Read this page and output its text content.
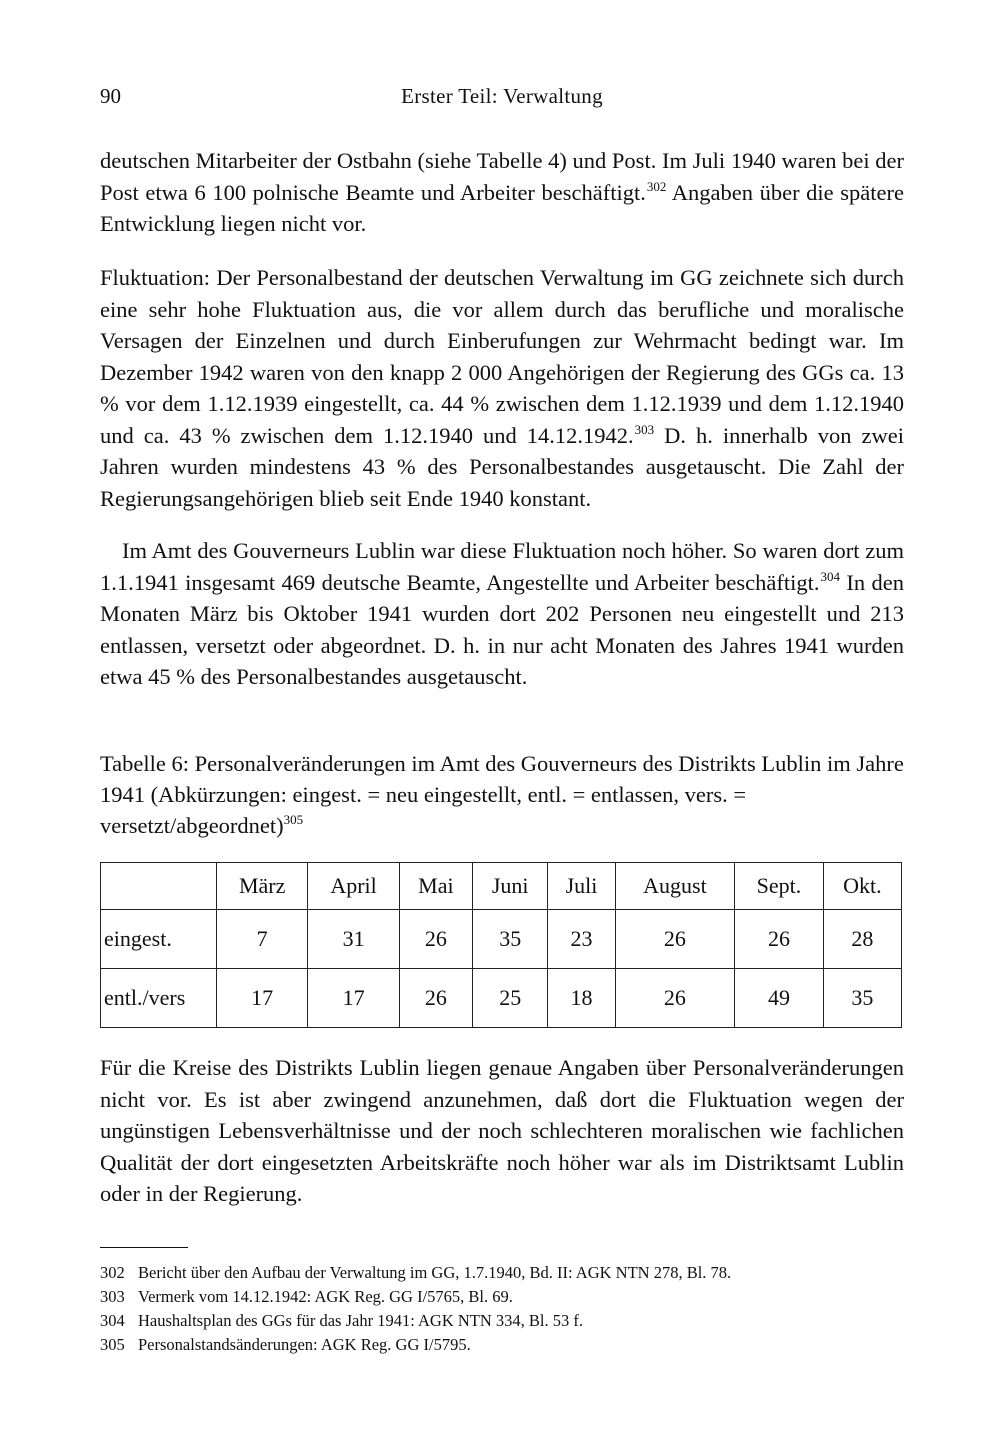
90	Erster Teil: Verwaltung

deutschen Mitarbeiter der Ostbahn (siehe Tabelle 4) und Post. Im Juli 1940 waren bei der Post etwa 6 100 polnische Beamte und Arbeiter beschäftigt.$^{302}$ Angaben über die spätere Entwicklung liegen nicht vor.

Fluktuation: Der Personalbestand der deutschen Verwaltung im GG zeichnete sich durch eine sehr hohe Fluktuation aus, die vor allem durch das berufliche und moralische Versagen der Einzelnen und durch Einberufungen zur Wehrmacht bedingt war. Im Dezember 1942 waren von den knapp 2 000 Angehörigen der Regierung des GGs ca. 13 % vor dem 1.12.1939 eingestellt, ca. 44 % zwischen dem 1.12.1939 und dem 1.12.1940 und ca. 43 % zwischen dem 1.12.1940 und 14.12.1942.$^{303}$ D. h. innerhalb von zwei Jahren wurden mindestens 43 % des Personalbestandes ausgetauscht. Die Zahl der Regierungsangehörigen blieb seit Ende 1940 konstant.

Im Amt des Gouverneurs Lublin war diese Fluktuation noch höher. So waren dort zum 1.1.1941 insgesamt 469 deutsche Beamte, Angestellte und Arbeiter beschäftigt.$^{304}$ In den Monaten März bis Oktober 1941 wurden dort 202 Personen neu eingestellt und 213 entlassen, versetzt oder abgeordnet. D. h. in nur acht Monaten des Jahres 1941 wurden etwa 45 % des Personalbestandes ausgetauscht.

Tabelle 6: Personalveränderungen im Amt des Gouverneurs des Distrikts Lublin im Jahre 1941 (Abkürzungen: eingest. = neu eingestellt, entl. = entlassen, vers. = versetzt/abgeordnet)$^{305}$

	März	April	Mai	Juni	Juli	August	Sept.	Okt.
eingest.	7	31	26	35	23	26	26	28
entl./vers	17	17	26	25	18	26	49	35

Für die Kreise des Distrikts Lublin liegen genaue Angaben über Personalveränderungen nicht vor. Es ist aber zwingend anzunehmen, daß dort die Fluktuation wegen der ungünstigen Lebensverhältnisse und der noch schlechteren moralischen wie fachlichen Qualität der dort eingesetzten Arbeitskräfte noch höher war als im Distriktsamt Lublin oder in der Regierung.

302 Bericht über den Aufbau der Verwaltung im GG, 1.7.1940, Bd. II: AGK NTN 278, Bl. 78.

303 Vermerk vom 14.12.1942: AGK Reg. GG I/5765, Bl. 69.

304 Haushaltsplan des GGs für das Jahr 1941: AGK NTN 334, Bl. 53 f.

305 Personalstandsänderungen: AGK Reg. GG I/5795.
